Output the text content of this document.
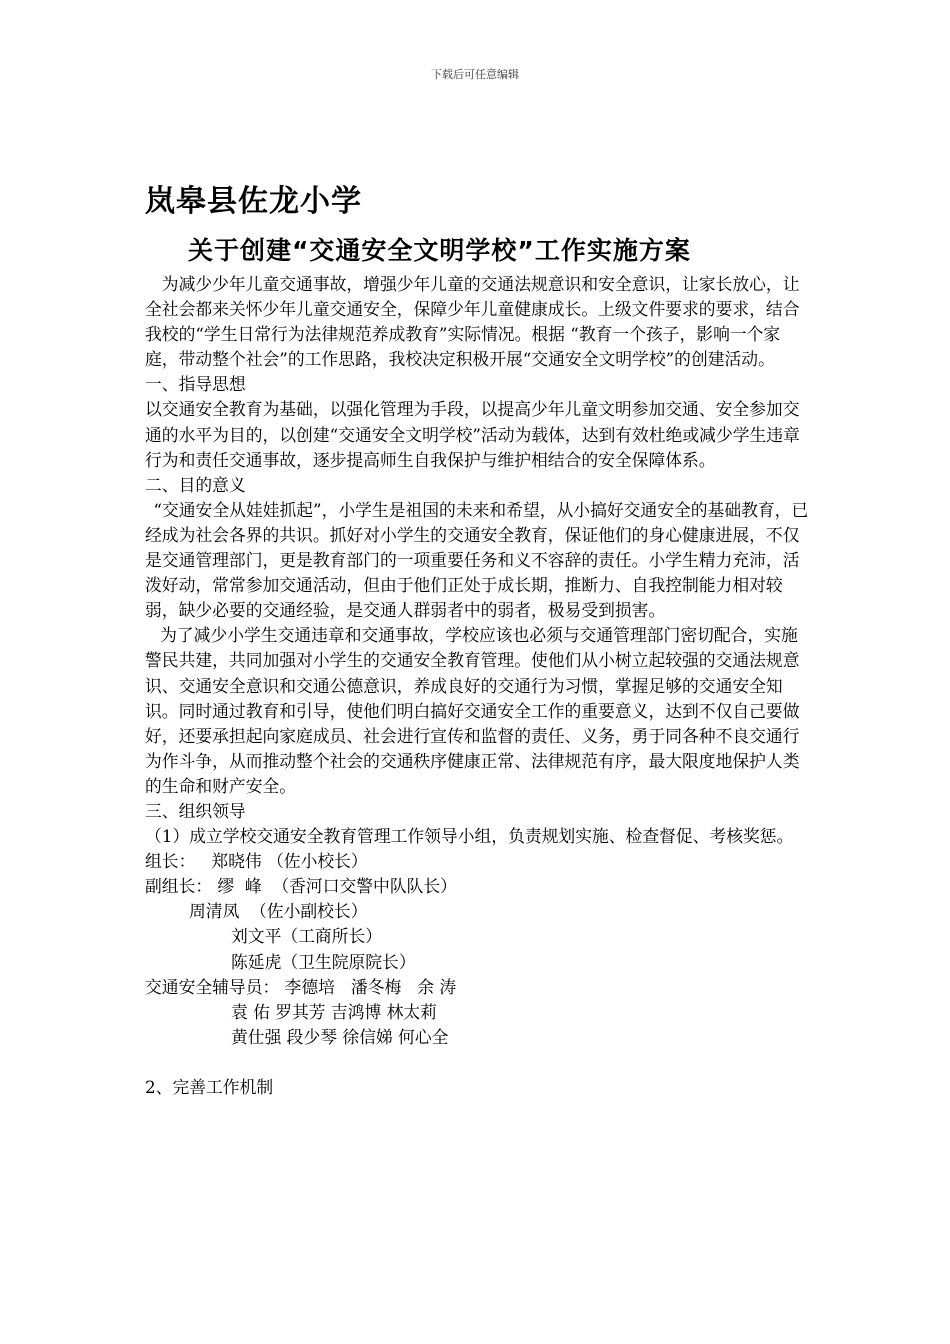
下载后可任意编辑
岚皋县佐龙小学
关于创建“交通安全文明学校”工作实施方案

为减少少年儿童交通事故，增强少年儿童的交通法规意识和安全意识，让家长放心，让全社会都来关怀少年儿童交通安全，保障少年儿童健康成长。上级文件要求的要求，结合我校的“学生日常行为法律规范养成教育”实际情况。根据 “教育一个孩子，影响一个家庭，带动整个社会”的工作思路，我校决定积极开展“交通安全文明学校”的创建活动。

一、指导思想

以交通安全教育为基础，以强化管理为手段，以提高少年儿童文明参加交通、安全参加交通的水平为目的，以创建“交通安全文明学校”活动为载体，达到有效杜绝或减少学生违章行为和责任交通事故，逐步提高师生自我保护与维护相结合的安全保障体系。

二、目的意义

“交通安全从娃娃抓起”，小学生是祖国的未来和希望，从小搞好交通安全的基础教育，已经成为社会各界的共识。抓好对小学生的交通安全教育，保证他们的身心健康进展，不仅是交通管理部门，更是教育部门的一项重要任务和义不容辞的责任。小学生精力充沛，活泼好动，常常参加交通活动，但由于他们正处于成长期，推断力、自我控制能力相对较弱，缺少必要的交通经验，是交通人群弱者中的弱者，极易受到损害。

为了减少小学生交通违章和交通事故，学校应该也必须与交通管理部门密切配合，实施警民共建，共同加强对小学生的交通安全教育管理。使他们从小树立起较强的交通法规意识、交通安全意识和交通公德意识，养成良好的交通行为习惯，掌握足够的交通安全知识。同时通过教育和引导，使他们明白搞好交通安全工作的重要意义，达到不仅自己要做好，还要承担起向家庭成员、社会进行宣传和监督的责任、义务，勇于同各种不良交通行为作斗争，从而推动整个社会的交通秩序健康正常、法律规范有序，最大限度地保护人类的生命和财产安全。

三、组织领导

（1）成立学校交通安全教育管理工作领导小组，负责规划实施、检查督促、考核奖惩。

组长：   郑晓伟 （佐小校长）

副组长： 缪  峰  （香河口交警中队队长）

周清凤  （佐小副校长）

刘文平（工商所长）

陈延虎（卫生院原院长）

交通安全辅导员： 李德培   潘冬梅   余 涛

袁 佑 罗其芳 吉鸿博 林太莉

黄仕强 段少琴 徐信娣 何心全

2、完善工作机制
